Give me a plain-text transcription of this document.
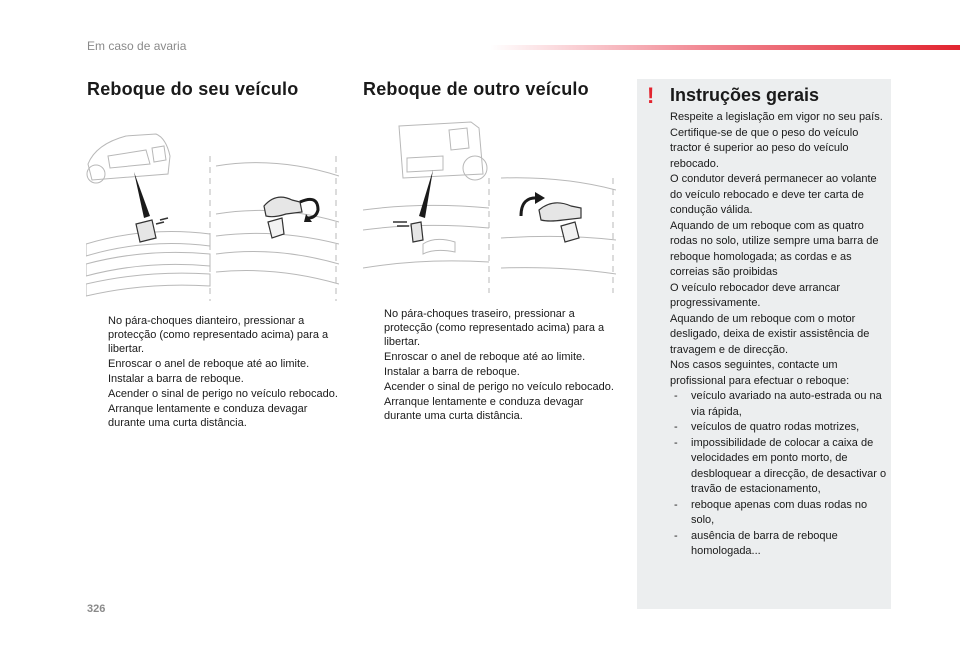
Em caso de avaria
Reboque do seu veículo
No pára-choques dianteiro, pressionar a protecção (como representado acima) para a libertar.
Enroscar o anel de reboque até ao limite.
Instalar a barra de reboque.
Acender o sinal de perigo no veículo rebocado.
Arranque lentamente e conduza devagar durante uma curta distância.
Reboque de outro veículo
No pára-choques traseiro, pressionar a protecção (como representado acima) para a libertar.
Enroscar o anel de reboque até ao limite.
Instalar a barra de reboque.
Acender o sinal de perigo no veículo rebocado.
Arranque lentamente e conduza devagar durante uma curta distância.
! Instruções gerais

Respeite a legislação em vigor no seu país.

Certifique-se de que o peso do veículo tractor é superior ao peso do veículo rebocado.

O condutor deverá permanecer ao volante do veículo rebocado e deve ter carta de condução válida.

Aquando de um reboque com as quatro rodas no solo, utilize sempre uma barra de reboque homologada; as cordas e as correias são proibidas

O veículo rebocador deve arrancar progressivamente.

Aquando de um reboque com o motor desligado, deixa de existir assistência de travagem e de direcção.

Nos casos seguintes, contacte um profissional para efectuar o reboque:

- veículo avariado na auto-estrada ou na via rápida,
- veículos de quatro rodas motrizes,
- impossibilidade de colocar a caixa de velocidades em ponto morto, de desbloquear a direcção, de desactivar o travão de estacionamento,
- reboque apenas com duas rodas no solo,
- ausência de barra de reboque homologada...
326
